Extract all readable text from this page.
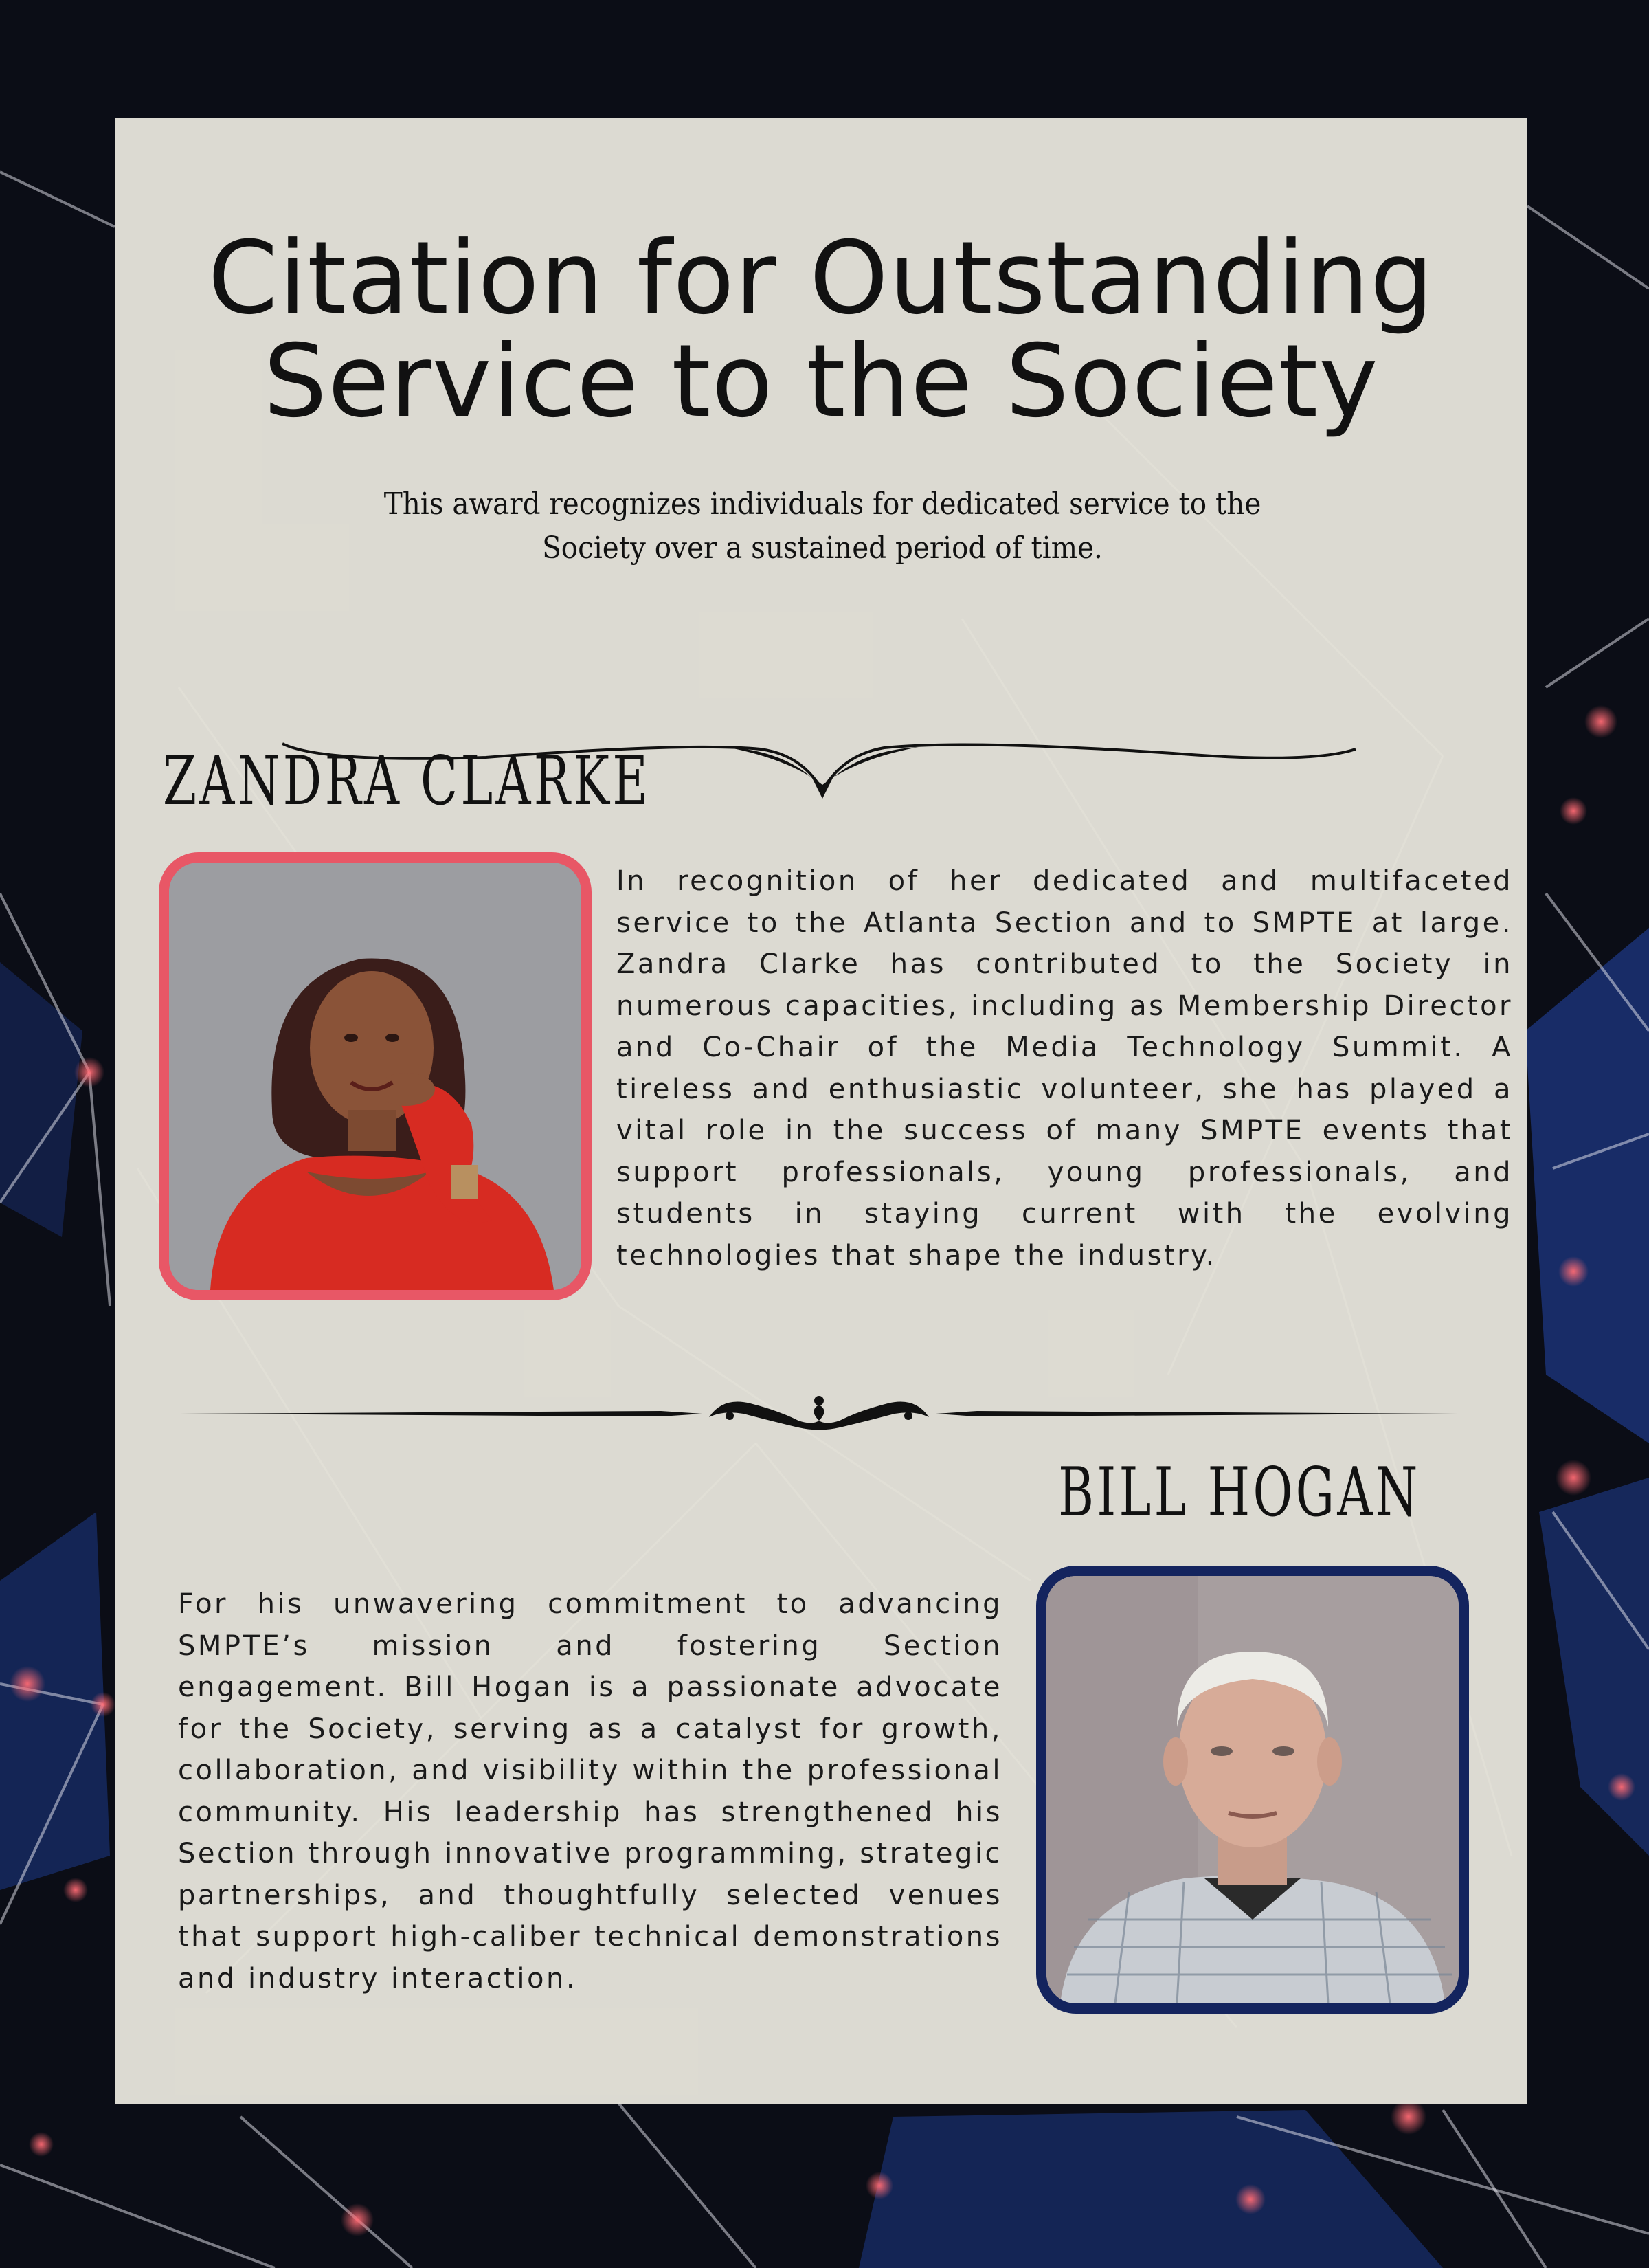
Citation for Outstanding
Service to the Society
This award recognizes individuals for dedicated service to the Society over a sustained period of time.
ZANDRA CLARKE

In recognition of her dedicated and multifaceted service to the Atlanta Section and to SMPTE at large. Zandra Clarke has contributed to the Society in numerous capacities, including as Membership Director and Co-Chair of the Media Technology Summit. A tireless and enthusiastic volunteer, she has played a vital role in the success of many SMPTE events that support professionals, young professionals, and students in staying current with the evolving technologies that shape the industry.

BILL HOGAN

For his unwavering commitment to advancing SMPTE’s mission and fostering Section engagement. Bill Hogan is a passionate advocate for the Society, serving as a catalyst for growth, collaboration, and visibility within the professional community. His leadership has strengthened his Section through innovative programming, strategic partnerships, and thoughtfully selected venues that support high-caliber technical demonstrations and industry interaction.
